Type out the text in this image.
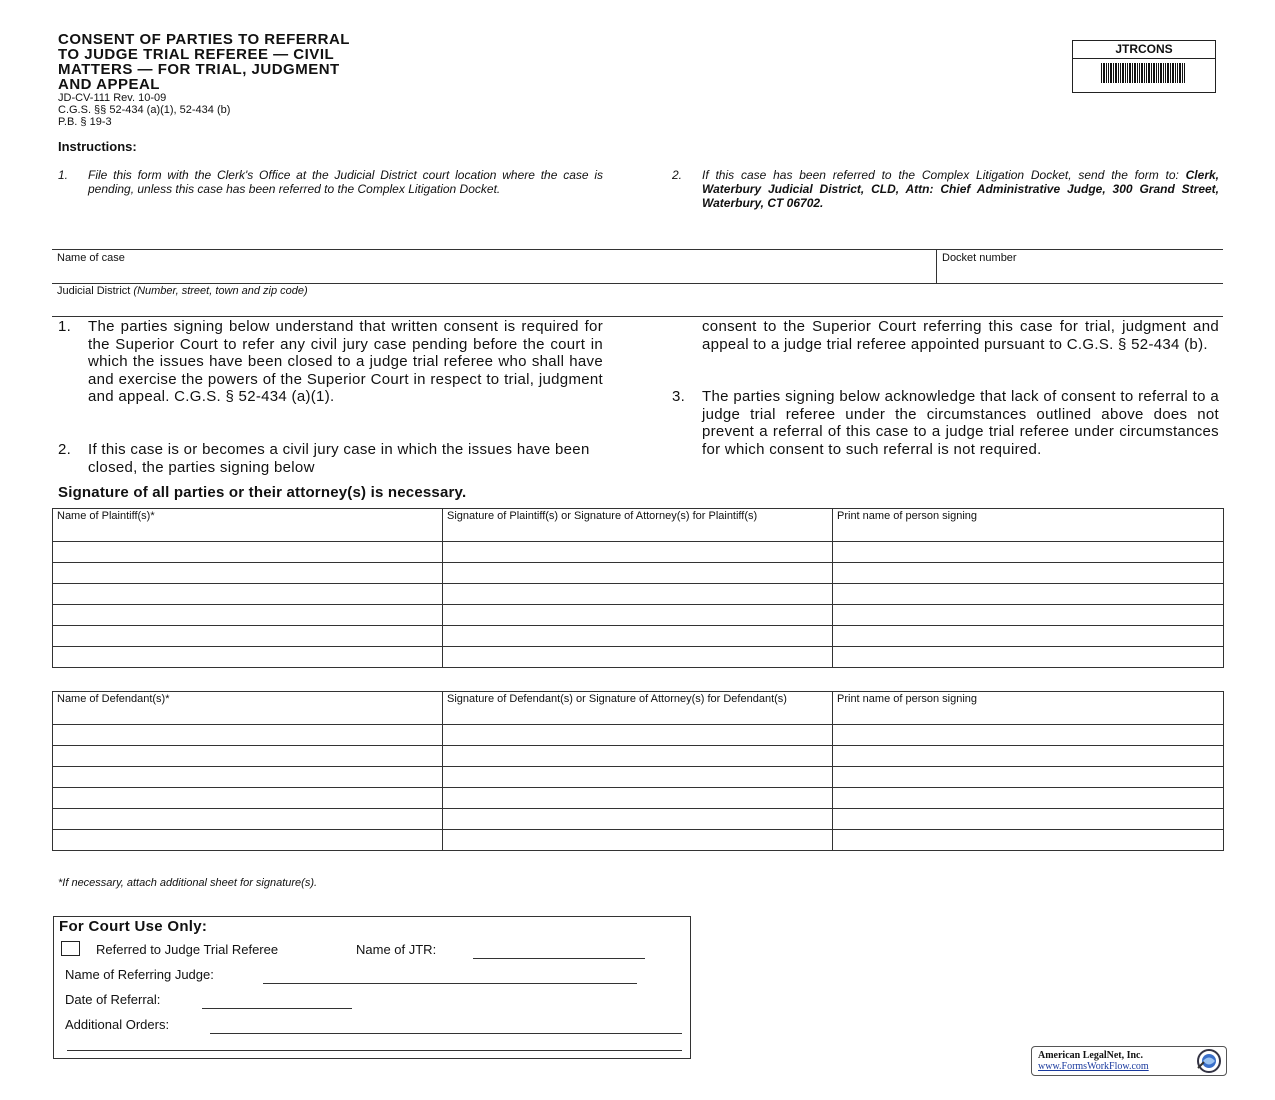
CONSENT OF PARTIES TO REFERRAL
TO JUDGE TRIAL REFEREE — CIVIL
MATTERS — FOR TRIAL, JUDGMENT
AND APPEAL
JD-CV-111 Rev. 10-09
C.G.S. §§ 52-434 (a)(1), 52-434 (b)
P.B. § 19-3
JTRCONS
Instructions:
1. File this form with the Clerk's Office at the Judicial District court location where the case is pending, unless this case has been referred to the Complex Litigation Docket.
2. If this case has been referred to the Complex Litigation Docket, send the form to: Clerk, Waterbury Judicial District, CLD, Attn: Chief Administrative Judge, 300 Grand Street, Waterbury, CT 06702.
Name of case	Docket number
Judicial District (Number, street, town and zip code)
1. The parties signing below understand that written consent is required for the Superior Court to refer any civil jury case pending before the court in which the issues have been closed to a judge trial referee who shall have and exercise the powers of the Superior Court in respect to trial, judgment and appeal. C.G.S. § 52-434 (a)(1).
2. If this case is or becomes a civil jury case in which the issues have been closed, the parties signing below
consent to the Superior Court referring this case for trial, judgment and appeal to a judge trial referee appointed pursuant to C.G.S. § 52-434 (b).
3. The parties signing below acknowledge that lack of consent to referral to a judge trial referee under the circumstances outlined above does not prevent a referral of this case to a judge trial referee under circumstances for which consent to such referral is not required.
Signature of all parties or their attorney(s) is necessary.
Name of Plaintiff(s)*	Signature of Plaintiff(s) or Signature of Attorney(s) for Plaintiff(s)	Print name of person signing

Name of Defendant(s)*	Signature of Defendant(s) or Signature of Attorney(s) for Defendant(s)	Print name of person signing

*If necessary, attach additional sheet for signature(s).
For Court Use Only:
Referred to Judge Trial Referee	Name of JTR:
Name of Referring Judge:
Date of Referral:
Additional Orders:
American LegalNet, Inc.
www.FormsWorkFlow.com
